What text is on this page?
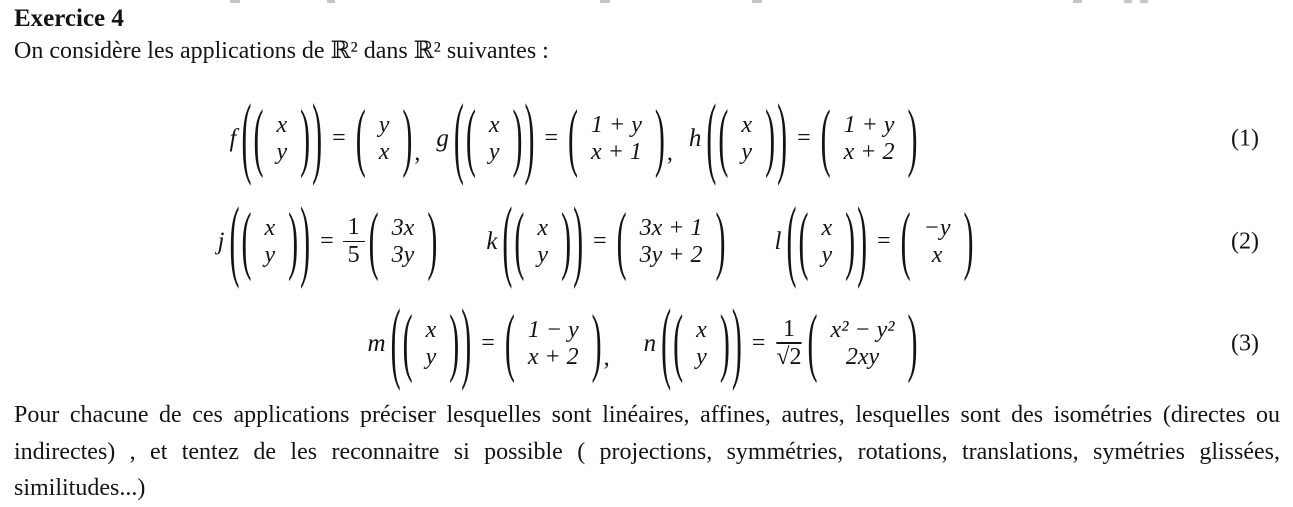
Exercice 4

On considère les applications de ℝ² dans ℝ² suivantes :

f ( ( x
y ) ) = ( y
x ) ,
g ( ( x
y ) ) = ( 1 + y
x + 1 ) ,
h ( ( x
y ) ) = ( 1 + y
x + 2 )	(1)
j ( ( x
y ) ) = $\frac{1}{5}$ ( 3x
3y ) k ( ( x
y ) ) = ( 3x + 1
3y + 2 ) l ( ( x
y ) ) = ( −y
x )	(2)
m ( ( x
y ) ) = ( 1 − y
x + 2 ) ,
n ( ( x
y ) ) = $\frac{1}{√2}$ ( x² − y²
2xy )	(3)

Pour chacune de ces applications préciser lesquelles sont linéaires, affines, autres, lesquelles sont des isométries (directes ou indirectes) , et tentez de les reconnaitre si possible ( projections, symmétries, rotations, translations, symétries glissées, similitudes...)
